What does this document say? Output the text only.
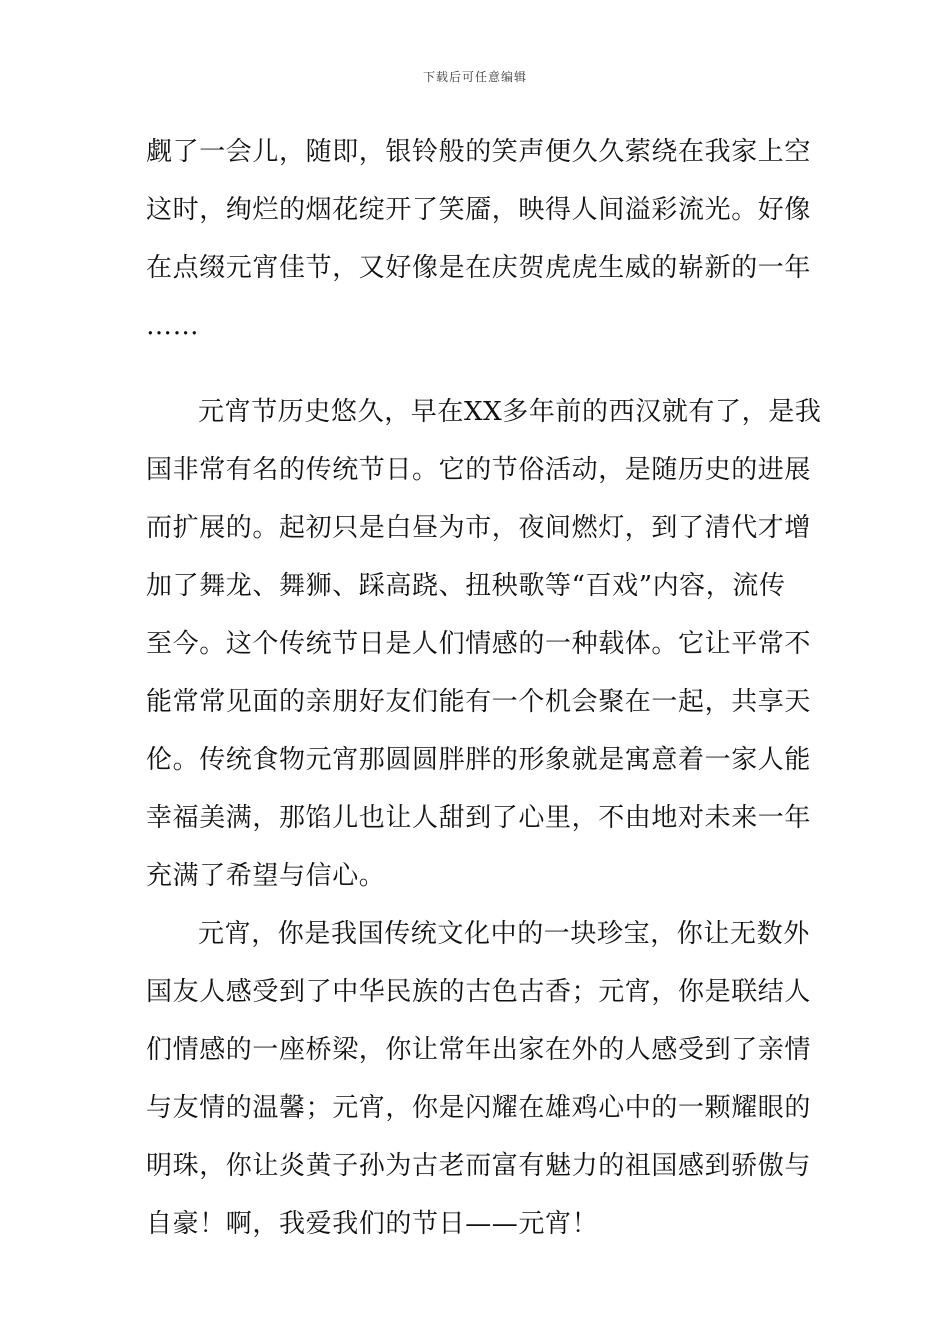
下载后可任意编辑
觑了一会儿，随即，银铃般的笑声便久久萦绕在我家上空
这时，绚烂的烟花绽开了笑靥，映得人间溢彩流光。好像
在点缀元宵佳节，又好像是在庆贺虎虎生威的崭新的一年
……
元宵节历史悠久，早在XX多年前的西汉就有了，是我
国非常有名的传统节日。它的节俗活动，是随历史的进展
而扩展的。起初只是白昼为市，夜间燃灯，到了清代才增
加了舞龙、舞狮、踩高跷、扭秧歌等“百戏”内容，流传
至今。这个传统节日是人们情感的一种载体。它让平常不
能常常见面的亲朋好友们能有一个机会聚在一起，共享天
伦。传统食物元宵那圆圆胖胖的形象就是寓意着一家人能
幸福美满，那馅儿也让人甜到了心里，不由地对未来一年
充满了希望与信心。
元宵，你是我国传统文化中的一块珍宝，你让无数外
国友人感受到了中华民族的古色古香；元宵，你是联结人
们情感的一座桥梁，你让常年出家在外的人感受到了亲情
与友情的温馨；元宵，你是闪耀在雄鸡心中的一颗耀眼的
明珠，你让炎黄子孙为古老而富有魅力的祖国感到骄傲与
自豪！啊，我爱我们的节日——元宵！
